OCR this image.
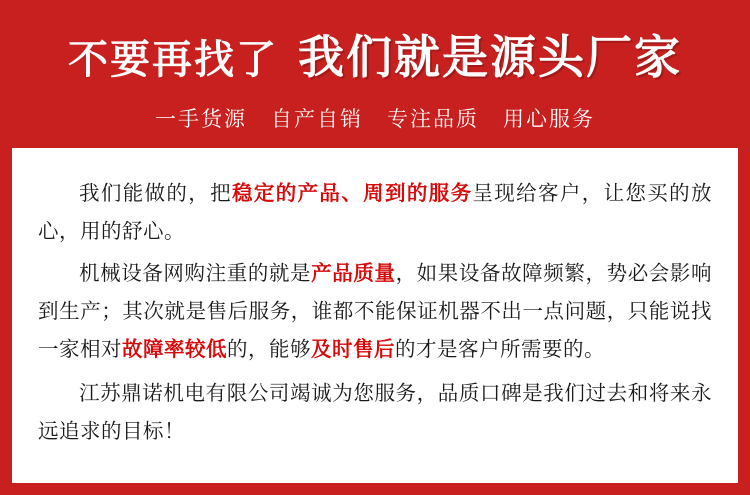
不要再找了 我们就是源头厂家
一手货源 自产自销 专注品质 用心服务

我们能做的，把稳定的产品、周到的服务呈现给客户，让您买的放心，用的舒心。

机械设备网购注重的就是产品质量，如果设备故障频繁，势必会影响到生产；其次就是售后服务，谁都不能保证机器不出一点问题，只能说找一家相对故障率较低的，能够及时售后的才是客户所需要的。

江苏鼎诺机电有限公司竭诚为您服务，品质口碑是我们过去和将来永远追求的目标！
